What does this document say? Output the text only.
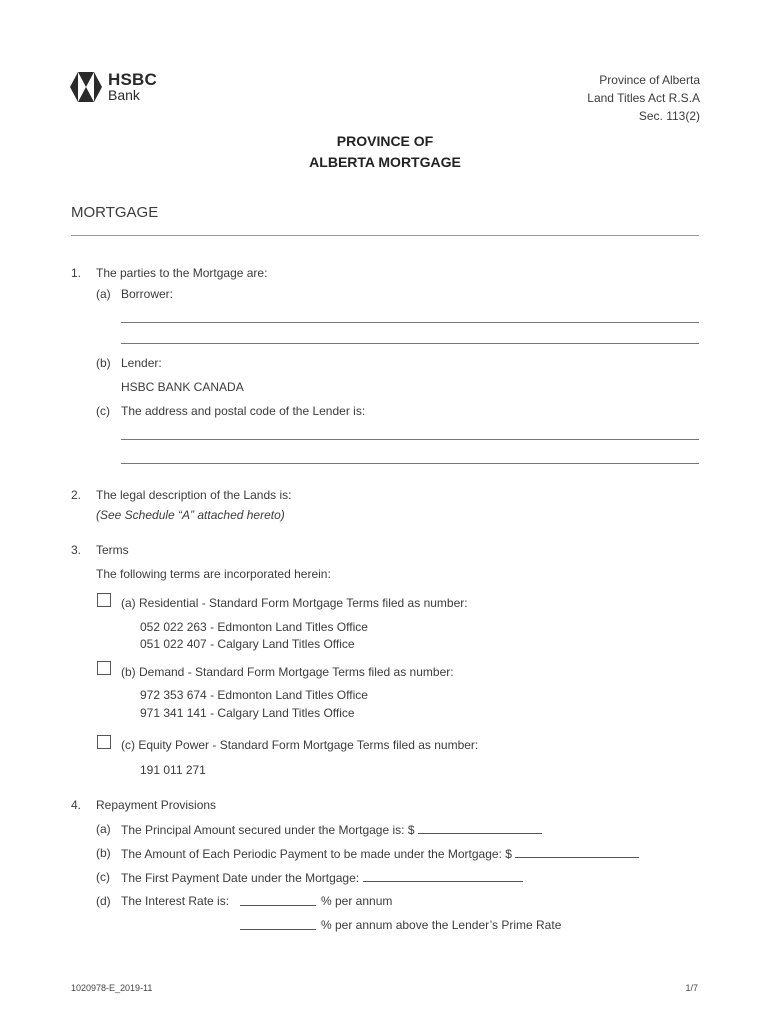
HSBC
Bank
Province of Alberta
Land Titles Act R.S.A
Sec. 113(2)
PROVINCE OF
ALBERTA MORTGAGE
MORTGAGE
1. The parties to the Mortgage are:
(a) Borrower:
(b) Lender:
HSBC BANK CANADA
(c) The address and postal code of the Lender is:
2. The legal description of the Lands is:
(See Schedule “A” attached hereto)
3. Terms
The following terms are incorporated herein:
(a) Residential - Standard Form Mortgage Terms filed as number:
052 022 263 - Edmonton Land Titles Office
051 022 407 - Calgary Land Titles Office
(b) Demand - Standard Form Mortgage Terms filed as number:
972 353 674 - Edmonton Land Titles Office
971 341 141 - Calgary Land Titles Office
(c) Equity Power - Standard Form Mortgage Terms filed as number:
191 011 271
4. Repayment Provisions
(a) The Principal Amount secured under the Mortgage is: $
(b) The Amount of Each Periodic Payment to be made under the Mortgage: $
(c) The First Payment Date under the Mortgage:
(d) The Interest Rate is:	% per annum
% per annum above the Lender’s Prime Rate
1020978-E_2019-11	1/7
